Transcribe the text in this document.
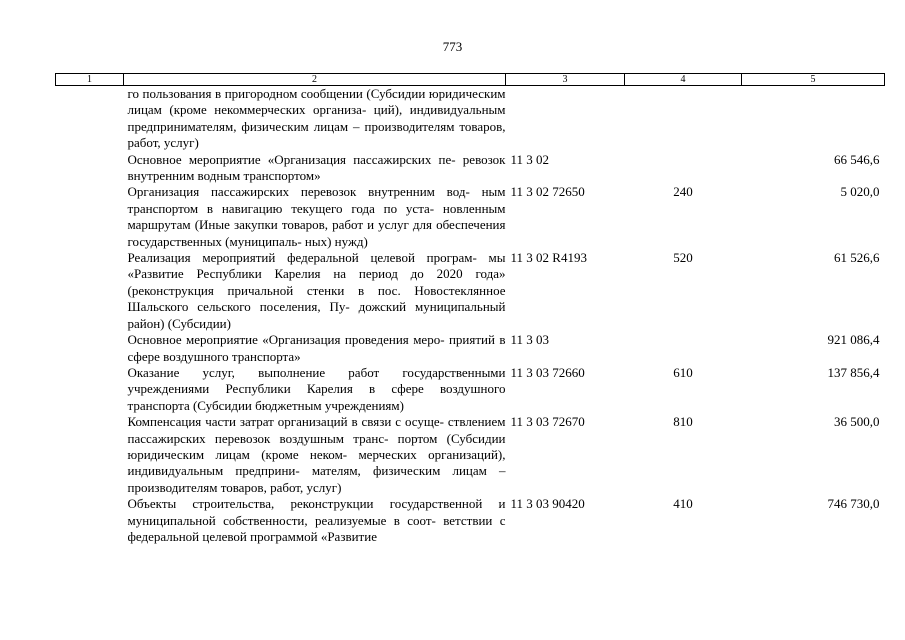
773
1	2	3	4	5
	го пользования в пригородном сообщении (Субсидии юридическим лицам (кроме некоммерческих организа- ций), индивидуальным предпринимателям, физическим лицам – производителям товаров, работ, услуг)			
	Основное мероприятие «Организация пассажирских пе- ревозок внутренним водным транспортом»	11 3 02		66 546,6
	Организация пассажирских перевозок внутренним вод- ным транспортом в навигацию текущего года по уста- новленным маршрутам (Иные закупки товаров, работ и услуг для обеспечения государственных (муниципаль- ных) нужд)	11 3 02 72650	240	5 020,0
	Реализация мероприятий федеральной целевой програм- мы «Развитие Республики Карелия на период до 2020 года» (реконструкция причальной стенки в пос. Новостеклянное Шальского сельского поселения, Пу- дожский муниципальный район) (Субсидии)	11 3 02 R4193	520	61 526,6
	Основное мероприятие «Организация проведения меро- приятий в сфере воздушного транспорта»	11 3 03		921 086,4
	Оказание услуг, выполнение работ государственными учреждениями Республики Карелия в сфере воздушного транспорта (Субсидии бюджетным учреждениям)	11 3 03 72660	610	137 856,4
	Компенсация части затрат организаций в связи с осуще- ствлением пассажирских перевозок воздушным транс- портом (Субсидии юридическим лицам (кроме неком- мерческих организаций), индивидуальным предприни- мателям, физическим лицам – производителям товаров, работ, услуг)	11 3 03 72670	810	36 500,0
	Объекты строительства, реконструкции государственной и муниципальной собственности, реализуемые в соот- ветствии с федеральной целевой программой «Развитие	11 3 03 90420	410	746 730,0
